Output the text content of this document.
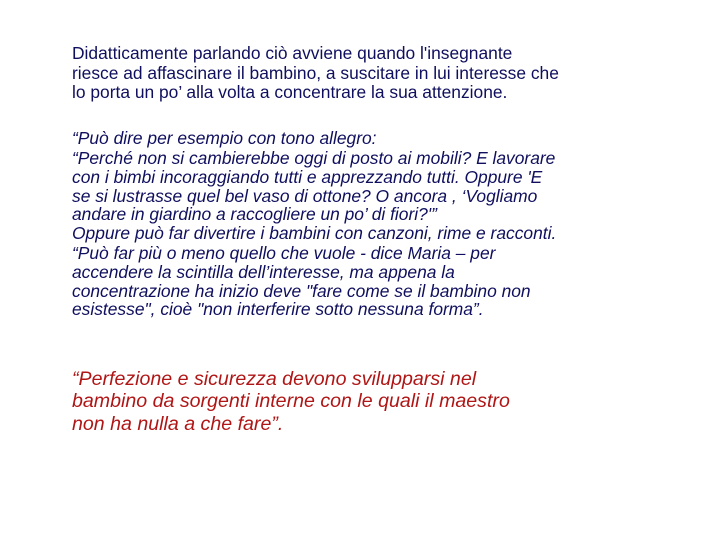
Didatticamente parlando ciò avviene quando l'insegnante
riesce ad affascinare il bambino, a suscitare in lui interesse che
lo porta un po’ alla volta a concentrare la sua attenzione.

“Può dire per esempio con tono allegro:
“Perché non si cambierebbe oggi di posto ai mobili? E lavorare
con i bimbi incoraggiando tutti e apprezzando tutti. Oppure 'E
se si lustrasse quel bel vaso di ottone? O ancora , ‘Vogliamo
andare in giardino a raccogliere un po’ di fiori?'”
Oppure può far divertire i bambini con canzoni, rime e racconti.
“Può far più o meno quello che vuole - dice Maria – per
accendere la scintilla dell’interesse, ma appena la
concentrazione ha inizio deve "fare come se il bambino non
esistesse", cioè "non interferire sotto nessuna forma”.

“Perfezione e sicurezza devono svilupparsi nel
bambino da sorgenti interne con le quali il maestro
non ha nulla a che fare”.
